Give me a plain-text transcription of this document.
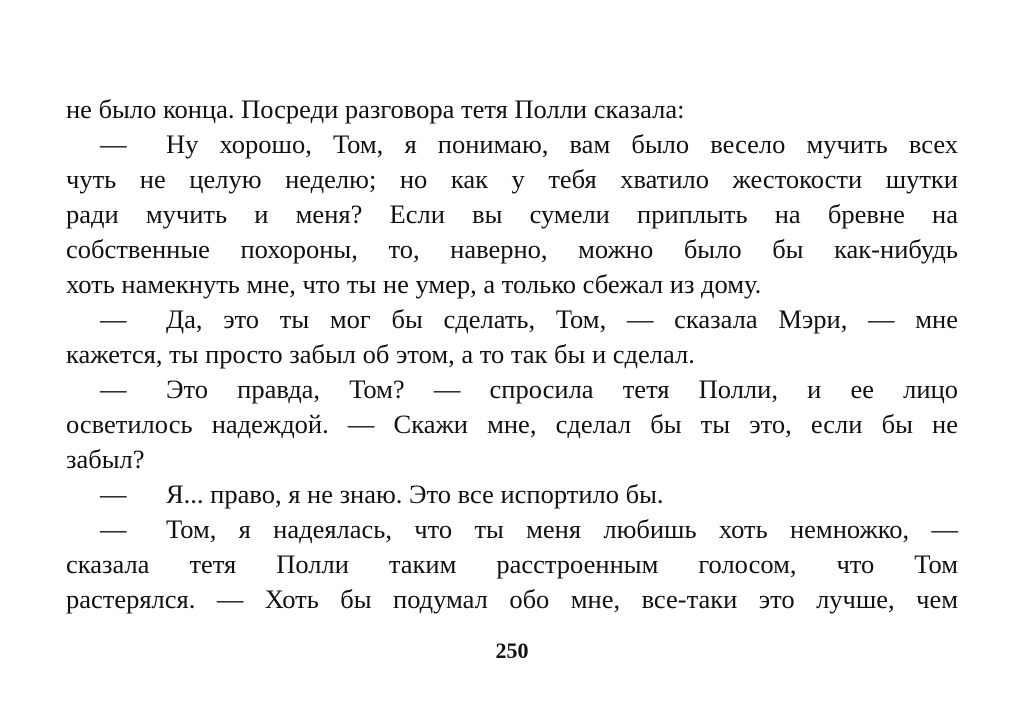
не было конца. Посреди разговора тетя Полли сказала:
—	Ну хорошо, Том, я понимаю, вам было весело мучить всех
чуть не целую неделю; но как у тебя хватило жестокости шутки
ради мучить и меня? Если вы сумели приплыть на бревне на
собственные похороны, то, наверно, можно было бы как-нибудь
хоть намекнуть мне, что ты не умер, а только сбежал из дому.
—	Да, это ты мог бы сделать, Том, — сказала Мэри, — мне
кажется, ты просто забыл об этом, а то так бы и сделал.
—	Это правда, Том? — спросила тетя Полли, и ее лицо
осветилось надеждой. — Скажи мне, сделал бы ты это, если бы не
забыл?
— Я... право, я не знаю. Это все испортило бы.
—	Том, я надеялась, что ты меня любишь хоть немножко, —
сказала тетя Полли таким расстроенным голосом, что Том
растерялся. — Хоть бы подумал обо мне, все-таки это лучше, чем
250
